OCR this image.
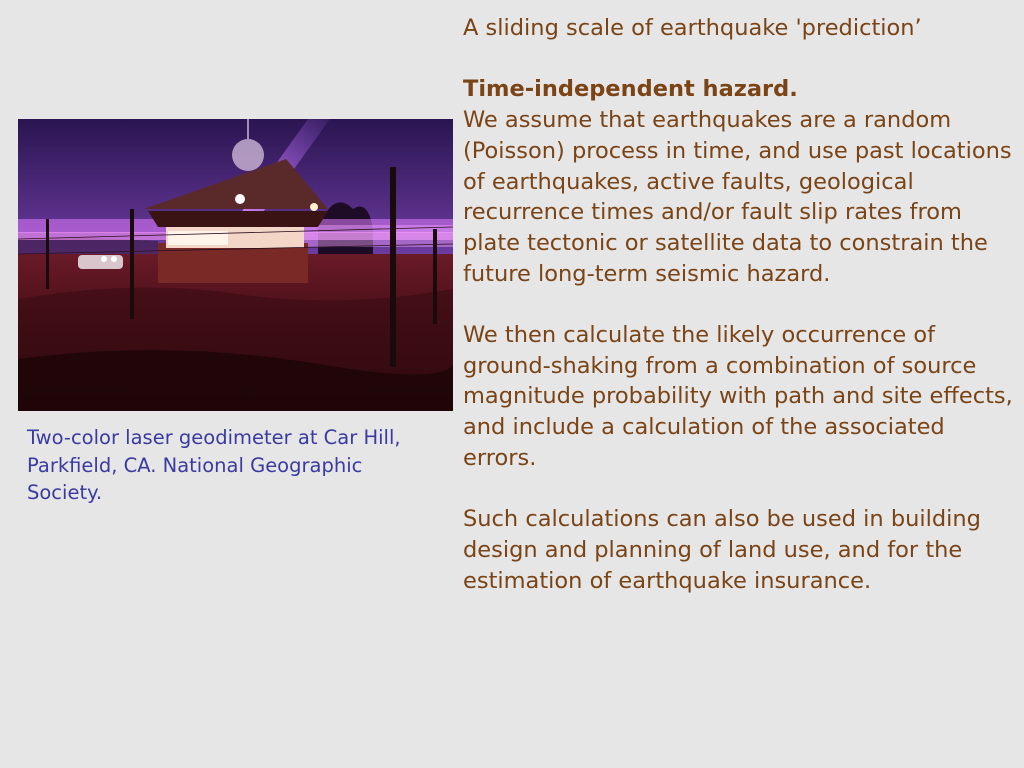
Two-color laser geodimeter at Car Hill, Parkfield, CA. National Geographic Society.

A sliding scale of earthquake 'prediction’

Time-independent hazard.

We assume that earthquakes are a random (Poisson) process in time, and use past locations of earthquakes, active faults, geological recurrence times and/or fault slip rates from plate tectonic or satellite data to constrain the future long-term seismic hazard.

We then calculate the likely occurrence of ground-shaking from a combination of source magnitude probability with path and site effects, and include a calculation of the associated errors.

Such calculations can also be used in building design and planning of land use, and for the estimation of earthquake insurance.
